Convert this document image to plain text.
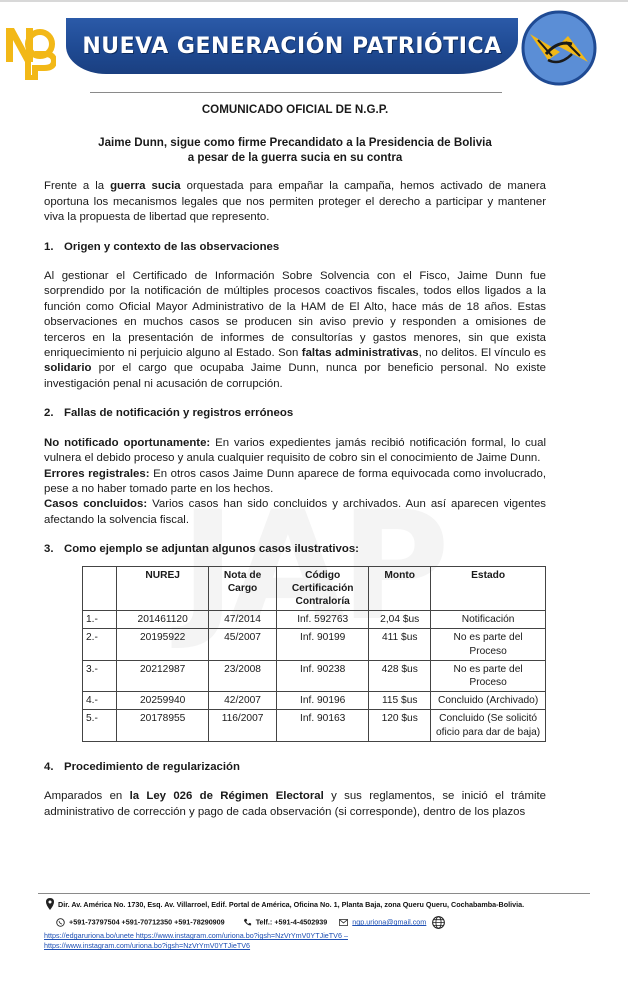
NUEVA GENERACIÓN PATRIÓTICA
COMUNICADO OFICIAL DE N.G.P.
Jaime Dunn, sigue como firme Precandidato a la Presidencia de Bolivia
a pesar de la guerra sucia en su contra

Frente a la guerra sucia orquestada para empañar la campaña, hemos activado de manera oportuna los mecanismos legales que nos permiten proteger el derecho a participar y mantener viva la propuesta de libertad que represento.

1. Origen y contexto de las observaciones

Al gestionar el Certificado de Información Sobre Solvencia con el Fisco, Jaime Dunn fue sorprendido por la notificación de múltiples procesos coactivos fiscales, todos ellos ligados a la función como Oficial Mayor Administrativo de la HAM de El Alto, hace más de 18 años. Estas observaciones en muchos casos se producen sin aviso previo y responden a omisiones de terceros en la presentación de informes de consultorías y gastos menores, sin que exista enriquecimiento ni perjuicio alguno al Estado. Son faltas administrativas, no delitos. El vínculo es solidario por el cargo que ocupaba Jaime Dunn, nunca por beneficio personal. No existe investigación penal ni acusación de corrupción.

2. Fallas de notificación y registros erróneos

No notificado oportunamente: En varios expedientes jamás recibió notificación formal, lo cual vulnera el debido proceso y anula cualquier requisito de cobro sin el conocimiento de Jaime Dunn.

Errores registrales: En otros casos Jaime Dunn aparece de forma equivocada como involucrado, pese a no haber tomado parte en los hechos.

Casos concluidos: Varios casos han sido concluidos y archivados. Aun así aparecen vigentes afectando la solvencia fiscal.

3. Como ejemplo se adjuntan algunos casos ilustrativos:
	NUREJ	Nota de Cargo	Código Certificación Contraloría	Monto	Estado
1.-	201461120	47/2014	Inf. 592763	2,04 $us	Notificación
2.-	20195922	45/2007	Inf. 90199	411 $us	No es parte del Proceso
3.-	20212987	23/2008	Inf. 90238	428 $us	No es parte del Proceso
4.-	20259940	42/2007	Inf. 90196	115 $us	Concluido (Archivado)
5.-	20178955	116/2007	Inf. 90163	120 $us	Concluido (Se solicitó oficio para dar de baja)
4. Procedimiento de regularización

Amparados en la Ley 026 de Régimen Electoral y sus reglamentos, se inició el trámite administrativo de corrección y pago de cada observación (si corresponde), dentro de los plazos

Dir. Av. América No. 1730, Esq. Av. Villarroel, Edif. Portal de América, Oficina No. 1, Planta Baja, zona Queru Queru, Cochabamba-Bolivia.
+591-73797504 +591-70712350 +591-78290909	Telf.: +591-4-4502939	ngp.uriona@gmail.com
https://edgaruriona.bo/unete https://www.instagram.com/uriona.bo?igsh=NzVrYmV0YTJieTV6 –
https://www.instagram.com/uriona.bo?igsh=NzVrYmV0YTJieTV6
